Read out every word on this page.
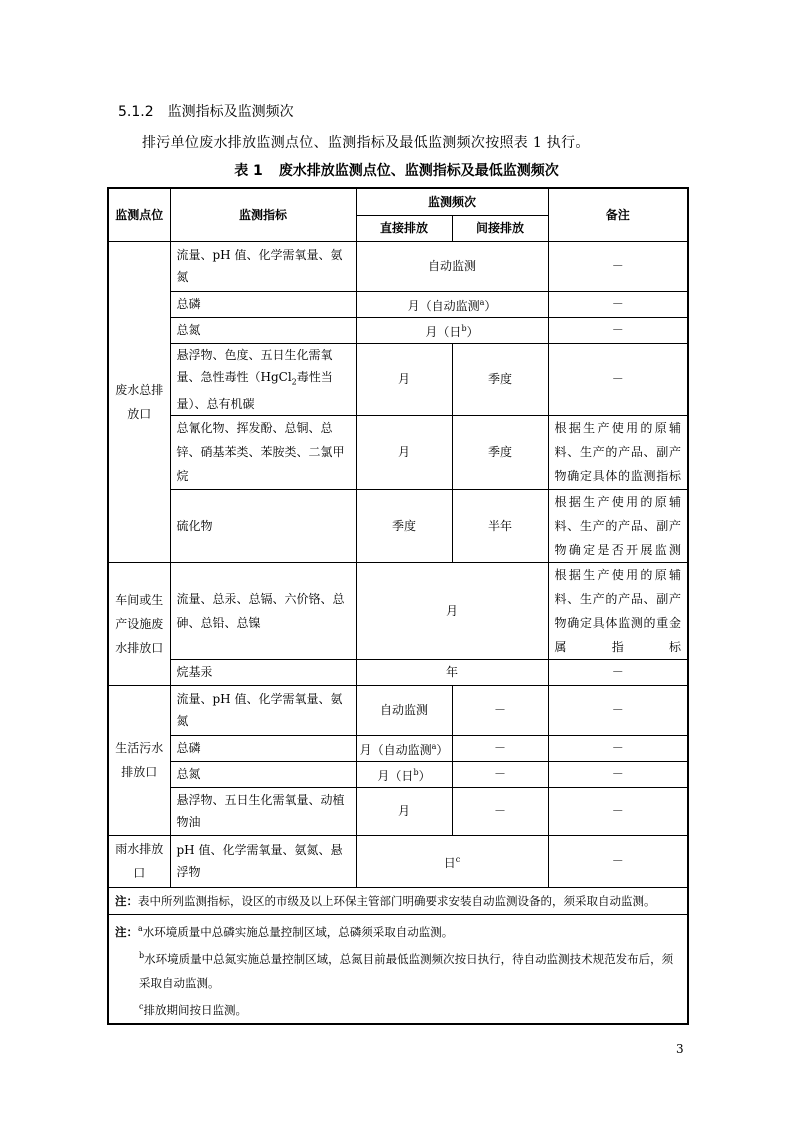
5.1.2 监测指标及监测频次
排污单位废水排放监测点位、监测指标及最低监测频次按照表 1 执行。
表 1 废水排放监测点位、监测指标及最低监测频次
监测点位	监测指标	监测频次		备注
		直接排放	间接排放	
废水总排放口	流量、pH 值、化学需氧量、氨氮	自动监测		－
	总磷	月（自动监测$^a$）		－
	总氮	月（日$^b$）		－
	悬浮物、色度、五日生化需氧量、急性毒性（HgCl$_2$毒性当量）、总有机碳	月	季度	－
	总氰化物、挥发酚、总铜、总锌、硝基苯类、苯胺类、二氯甲烷	月	季度	根据生产使用的原辅料、生产的产品、副产物确定具体的监测指标
	硫化物	季度	半年	根据生产使用的原辅料、生产的产品、副产物确定是否开展监测
车间或生产设施废水排放口	流量、总汞、总镉、六价铬、总砷、总铅、总镍	月		根据生产使用的原辅料、生产的产品、副产物确定具体监测的重金属指标
	烷基汞	年		－
生活污水排放口	流量、pH 值、化学需氧量、氨氮	自动监测	－	－
	总磷	月（自动监测$^a$）	－	－
	总氮	月（日$^b$）	－	－
	悬浮物、五日生化需氧量、动植物油	月	－	－
雨水排放口	pH 值、化学需氧量、氨氮、悬浮物	日$^c$		－
注：表中所列监测指标，设区的市级及以上环保主管部门明确要求安装自动监测设备的，须采取自动监测。				

注：$^a$水环境质量中总磷实施总量控制区域，总磷须采取自动监测。
$^b$水环境质量中总氮实施总量控制区域，总氮目前最低监测频次按日执行，待自动监测技术规范发布后，须采取自动监测。
$^c$排放期间按日监测。				
3
